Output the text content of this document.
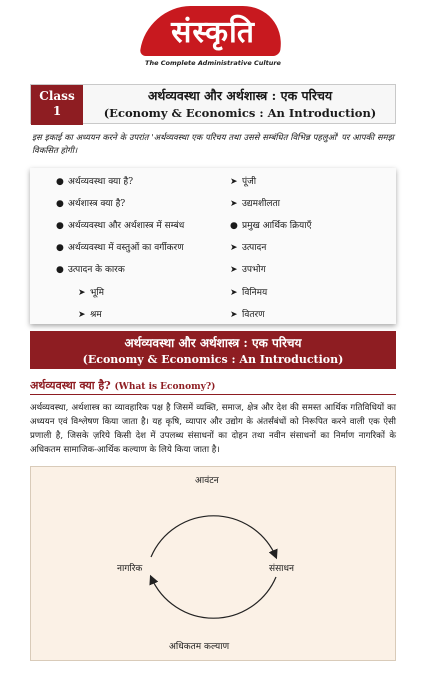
संस्कृति
The Complete Administrative Culture
Class
1
अर्थव्यवस्था और अर्थशास्त्र : एक परिचय
(Economy & Economics : An Introduction)

इस इकाई का अध्ययन करने के उपरांत 'अर्थव्यवस्था एक परिचय तथा उससे सम्बंधित विभिन्न पहलुओं' पर आपकी समझ विकसित होगी।

● अर्थव्यवस्था क्या है?
● अर्थशास्त्र क्या है?
● अर्थव्यवस्था और अर्थशास्त्र में सम्बंध
● अर्थव्यवस्था में वस्तुओं का वर्गीकरण
● उत्पादन के कारक
➤ भूमि
➤ श्रम
➤ पूंजी
➤ उद्यमशीलता
● प्रमुख आर्थिक क्रियाएँ
➤ उत्पादन
➤ उपभोग
➤ विनिमय
➤ वितरण
अर्थव्यवस्था और अर्थशास्त्र : एक परिचय
(Economy & Economics : An Introduction)
अर्थव्यवस्था क्या है? (What is Economy?)

अर्थव्यवस्था, अर्थशास्त्र का व्यावहारिक पक्ष है जिसमें व्यक्ति, समाज, क्षेत्र और देश की समस्त आर्थिक गतिविधियों का अध्ययन एवं विश्लेषण किया जाता है। यह कृषि, व्यापार और उद्योग के अंतर्संबंधों को निरूपित करने वाली एक ऐसी प्रणाली है, जिसके ज़रिये किसी देश में उपलब्ध संसाधनों का दोहन तथा नवीन संसाधनों का निर्माण नागरिकों के अधिकतम सामाजिक-आर्थिक कल्याण के लिये किया जाता है।

आवंटन
नागरिक	संसाधन
अधिकतम कल्याण
